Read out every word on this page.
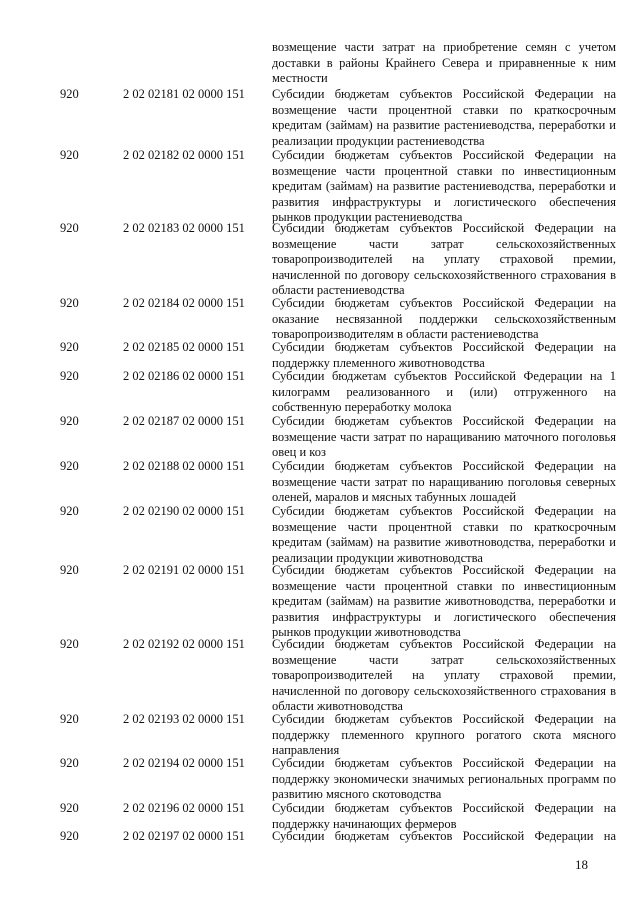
возмещение части затрат на приобретение семян с учетом доставки в районы Крайнего Севера и приравненные к ним местности
920	2 02 02181 02 0000 151 Субсидии бюджетам субъектов Российской Федерации на возмещение части процентной ставки по краткосрочным кредитам (займам) на развитие растениеводства, переработки и реализации продукции растениеводства
920	2 02 02182 02 0000 151 Субсидии бюджетам субъектов Российской Федерации на возмещение части процентной ставки по инвестиционным кредитам (займам) на развитие растениеводства, переработки и развития инфраструктуры и логистического обеспечения рынков продукции растениеводства
920	2 02 02183 02 0000 151 Субсидии бюджетам субъектов Российской Федерации на возмещение части затрат сельскохозяйственных товаропроизводителей на уплату страховой премии, начисленной по договору сельскохозяйственного страхования в области растениеводства
920	2 02 02184 02 0000 151 Субсидии бюджетам субъектов Российской Федерации на оказание несвязанной поддержки сельскохозяйственным товаропроизводителям в области растениеводства
920	2 02 02185 02 0000 151 Субсидии бюджетам субъектов Российской Федерации на поддержку племенного животноводства
920	2 02 02186 02 0000 151 Субсидии бюджетам субъектов Российской Федерации на 1 килограмм реализованного и (или) отгруженного на собственную переработку молока
920	2 02 02187 02 0000 151 Субсидии бюджетам субъектов Российской Федерации на возмещение части затрат по наращиванию маточного поголовья овец и коз
920	2 02 02188 02 0000 151 Субсидии бюджетам субъектов Российской Федерации на возмещение части затрат по наращиванию поголовья северных оленей, маралов и мясных табунных лошадей
920	2 02 02190 02 0000 151 Субсидии бюджетам субъектов Российской Федерации на возмещение части процентной ставки по краткосрочным кредитам (займам) на развитие животноводства, переработки и реализации продукции животноводства
920	2 02 02191 02 0000 151 Субсидии бюджетам субъектов Российской Федерации на возмещение части процентной ставки по инвестиционным кредитам (займам) на развитие животноводства, переработки и развития инфраструктуры и логистического обеспечения рынков продукции животноводства
920	2 02 02192 02 0000 151 Субсидии бюджетам субъектов Российской Федерации на возмещение части затрат сельскохозяйственных товаропроизводителей на уплату страховой премии, начисленной по договору сельскохозяйственного страхования в области животноводства
920	2 02 02193 02 0000 151 Субсидии бюджетам субъектов Российской Федерации на поддержку племенного крупного рогатого скота мясного направления
920	2 02 02194 02 0000 151 Субсидии бюджетам субъектов Российской Федерации на поддержку экономически значимых региональных программ по развитию мясного скотоводства
920	2 02 02196 02 0000 151 Субсидии бюджетам субъектов Российской Федерации на поддержку начинающих фермеров
920	2 02 02197 02 0000 151 Субсидии бюджетам субъектов Российской Федерации на
18
